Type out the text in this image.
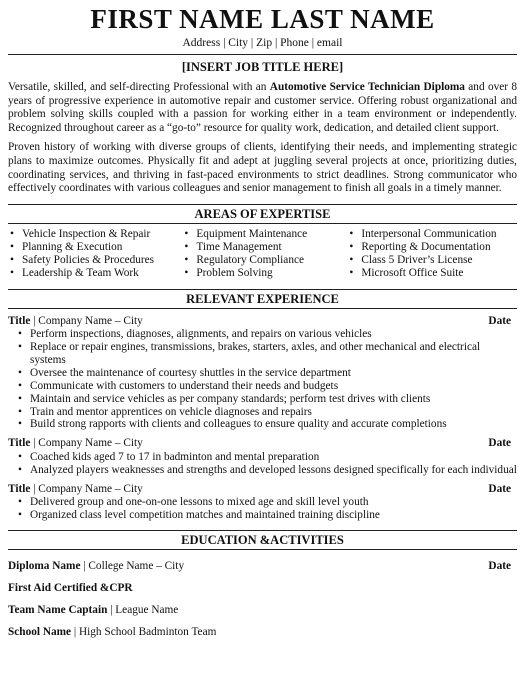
FIRST NAME LAST NAME
Address | City | Zip | Phone | email
[INSERT JOB TITLE HERE]

Versatile, skilled, and self-directing Professional with an Automotive Service Technician Diploma and over 8 years of progressive experience in automotive repair and customer service. Offering robust organizational and problem solving skills coupled with a passion for working either in a team environment or independently. Recognized throughout career as a “go-to” resource for quality work, dedication, and detailed client support.

Proven history of working with diverse groups of clients, identifying their needs, and implementing strategic plans to maximize outcomes. Physically fit and adept at juggling several projects at once, prioritizing duties, coordinating services, and thriving in fast-paced environments to strict deadlines. Strong communicator who effectively coordinates with various colleagues and senior management to finish all goals in a timely manner.

AREAS OF EXPERTISE
• Vehicle Inspection & Repair
• Planning & Execution
• Safety Policies & Procedures
• Leadership & Team Work
• Equipment Maintenance
• Time Management
• Regulatory Compliance
• Problem Solving
• Interpersonal Communication
• Reporting & Documentation
• Class 5 Driver’s License
• Microsoft Office Suite
RELEVANT EXPERIENCE
Title | Company Name – City	Date
• Perform inspections, diagnoses, alignments, and repairs on various vehicles
• Replace or repair engines, transmissions, brakes, starters, axles, and other mechanical and electrical systems
• Oversee the maintenance of courtesy shuttles in the service department
• Communicate with customers to understand their needs and budgets
• Maintain and service vehicles as per company standards; perform test drives with clients
• Train and mentor apprentices on vehicle diagnoses and repairs
• Build strong rapports with clients and colleagues to ensure quality and accurate completions
Title | Company Name – City	Date
• Coached kids aged 7 to 17 in badminton and mental preparation
• Analyzed players weaknesses and strengths and developed lessons designed specifically for each individual
Title | Company Name – City	Date
• Delivered group and one-on-one lessons to mixed age and skill level youth
• Organized class level competition matches and maintained training discipline
EDUCATION &ACTIVITIES
Diploma Name | College Name – City	Date
First Aid Certified &CPR
Team Name Captain | League Name
School Name | High School Badminton Team
